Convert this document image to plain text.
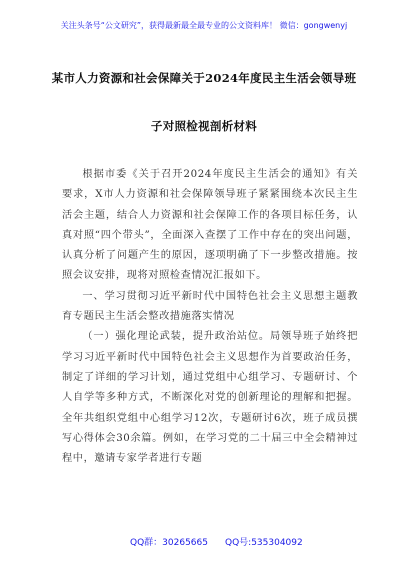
关注头条号“公文研究”，获得最新最全最专业的公文资料库！ 微信：gongwenyj
某市人力资源和社会保障关于2024年度民主生活会领导班
子对照检视剖析材料

根据市委《关于召开2024年度民主生活会的通知》有关要求，X市人力资源和社会保障领导班子紧紧围绕本次民主生活会主题，结合人力资源和社会保障工作的各项目标任务，认真对照“四个带头”，全面深入查摆了工作中存在的突出问题，认真分析了问题产生的原因，逐项明确了下一步整改措施。按照会议安排，现将对照检查情况汇报如下。

一、学习贯彻习近平新时代中国特色社会主义思想主题教育专题民主生活会整改措施落实情况

（一）强化理论武装，提升政治站位。局领导班子始终把学习习近平新时代中国特色社会主义思想作为首要政治任务，制定了详细的学习计划，通过党组中心组学习、专题研讨、个人自学等多种方式，不断深化对党的创新理论的理解和把握。全年共组织党组中心组学习12次，专题研讨6次，班子成员撰写心得体会30余篇。例如，在学习党的二十届三中全会精神过程中，邀请专家学者进行专题

QQ群：30265665 QQ号:535304092
